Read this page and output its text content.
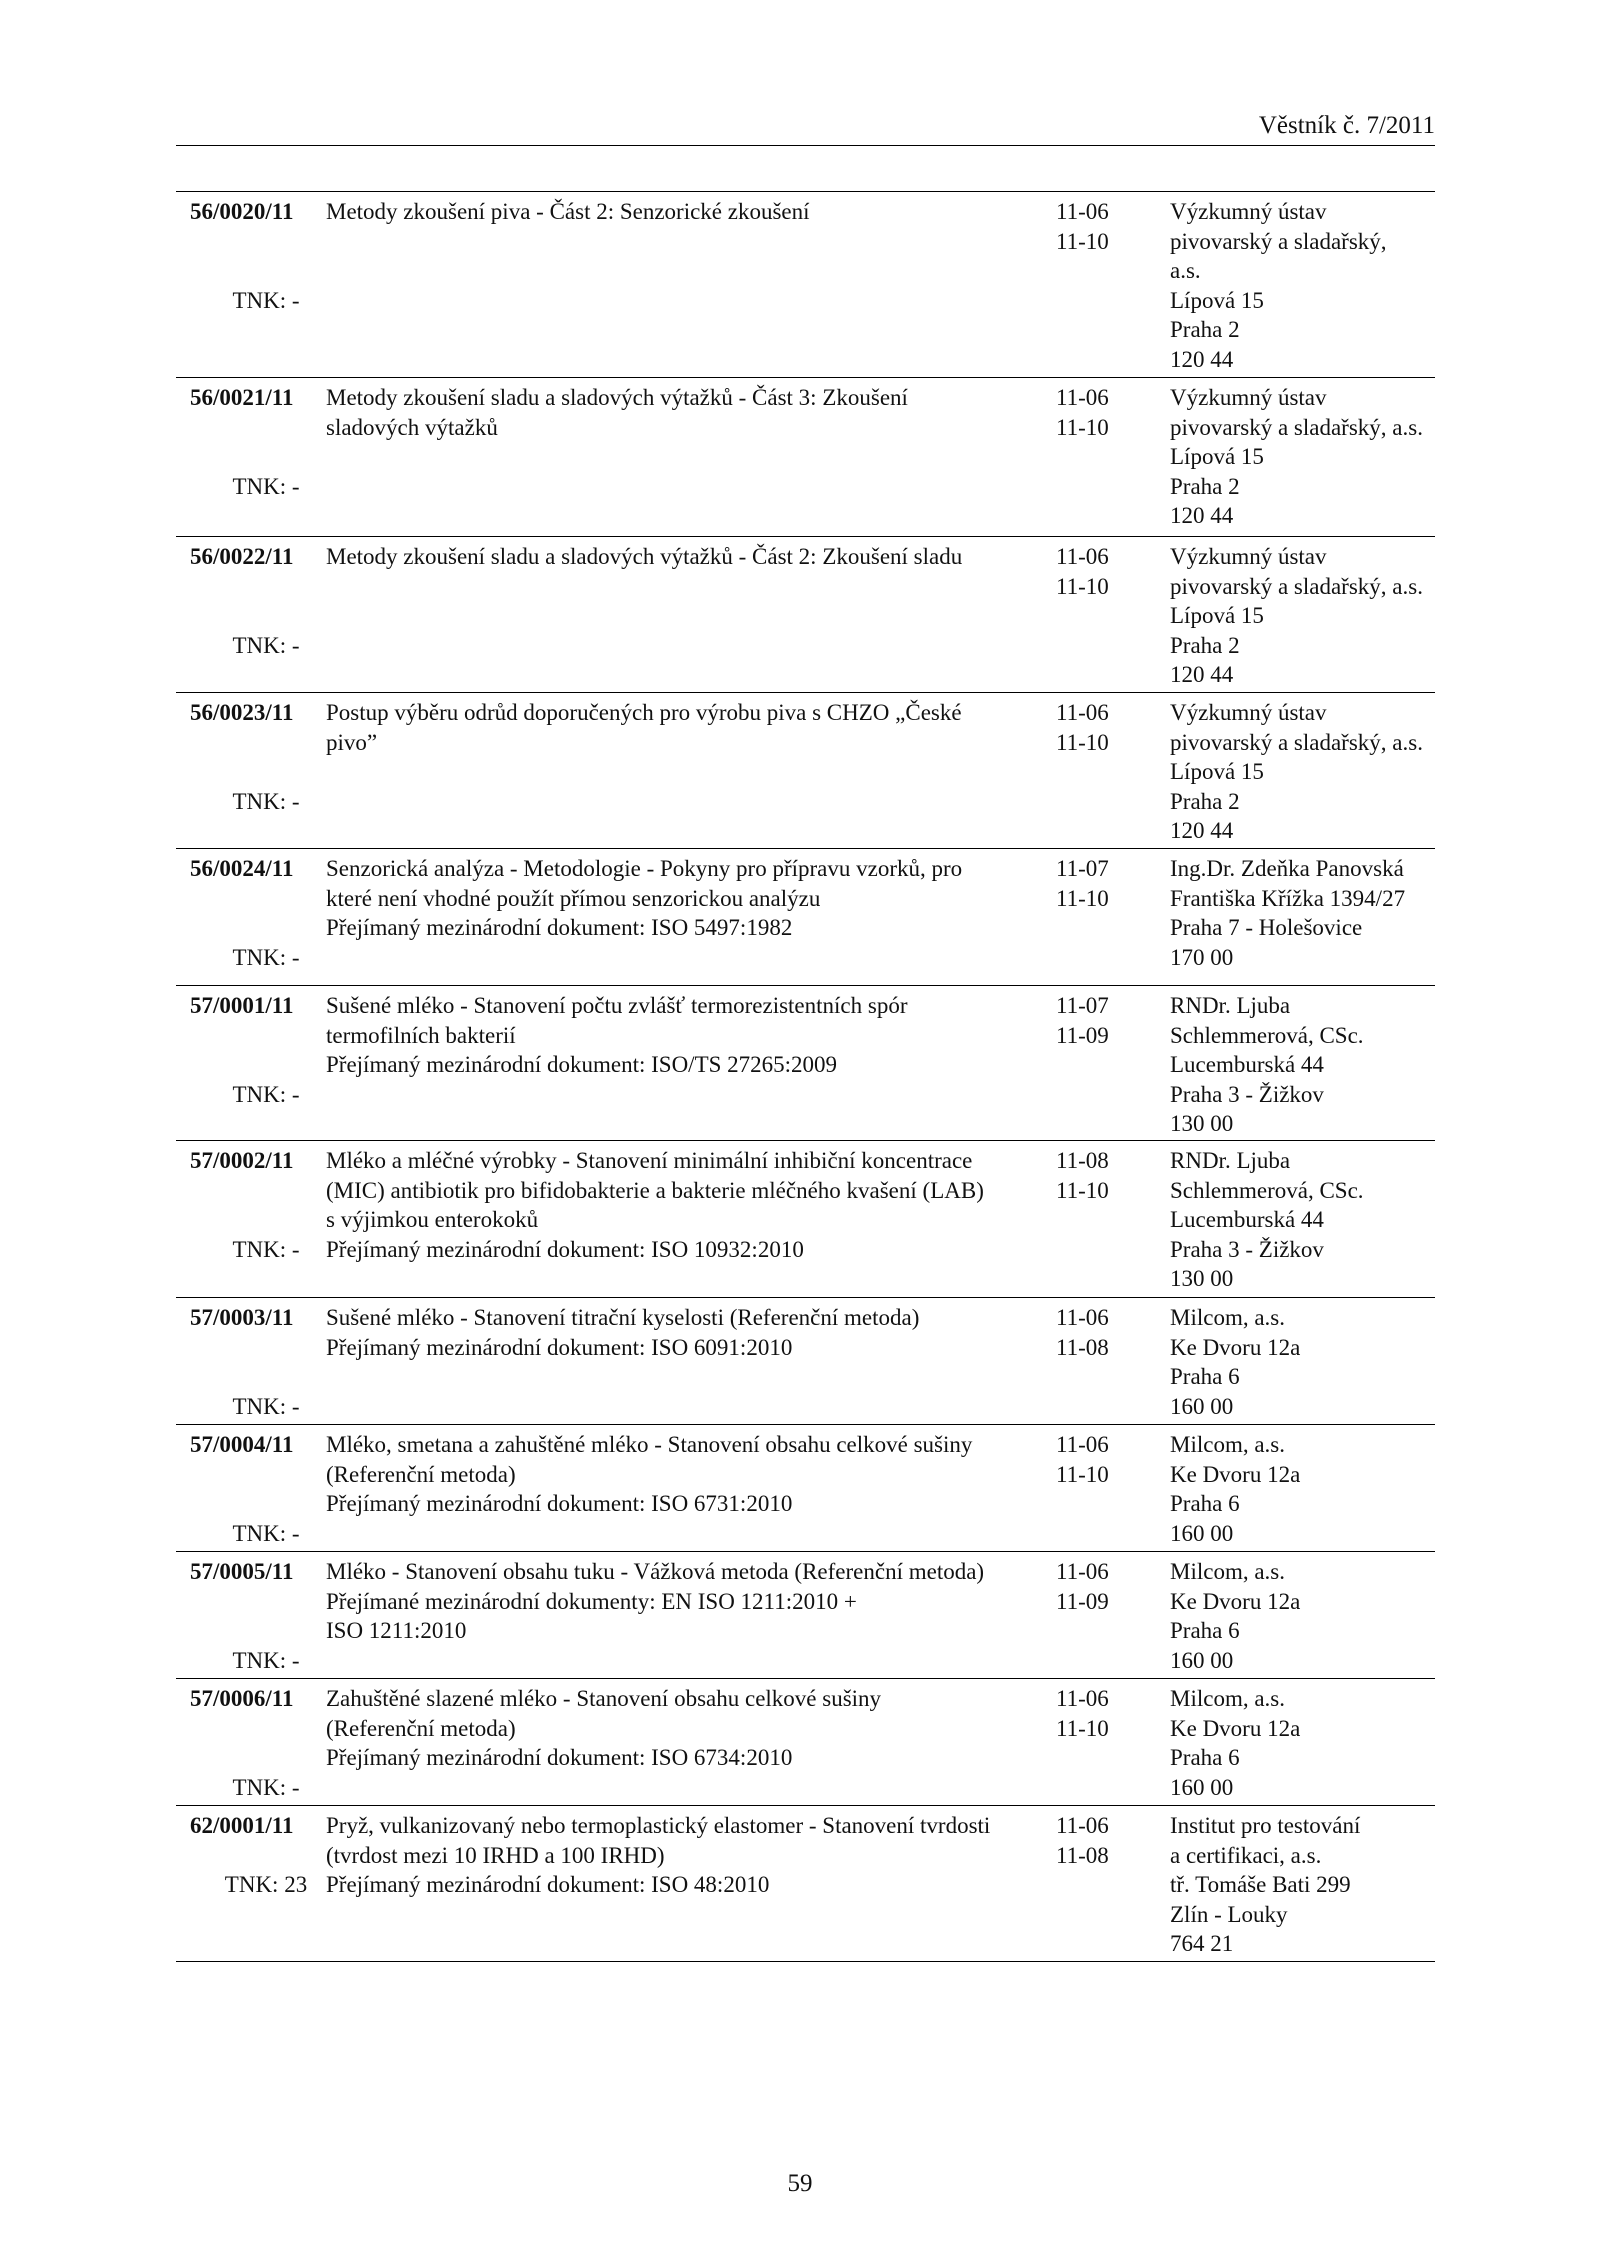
Věstník č. 7/2011
56/0020/11
TNK: -
Metody zkoušení piva - Část 2: Senzorické zkoušení	11-06
11-10
Výzkumný ústav
pivovarský a sladařský,
a.s.
Lípová 15
Praha 2
120 44
56/0021/11
TNK: -
Metody zkoušení sladu a sladových výtažků - Část 3: Zkoušení
sladových výtažků
11-06
11-10
Výzkumný ústav
pivovarský a sladařský, a.s.
Lípová 15
Praha 2
120 44
56/0022/11
TNK: -
Metody zkoušení sladu a sladových výtažků - Část 2: Zkoušení sladu	11-06
11-10
Výzkumný ústav
pivovarský a sladařský, a.s.
Lípová 15
Praha 2
120 44
56/0023/11
TNK: -
Postup výběru odrůd doporučených pro výrobu piva s CHZO „České
pivo”
11-06
11-10
Výzkumný ústav
pivovarský a sladařský, a.s.
Lípová 15
Praha 2
120 44
56/0024/11
TNK: -
Senzorická analýza - Metodologie - Pokyny pro přípravu vzorků, pro
které není vhodné použít přímou senzorickou analýzu
Přejímaný mezinárodní dokument: ISO 5497:1982
11-07
11-10
Ing.Dr. Zdeňka Panovská
Františka Křížka 1394/27
Praha 7 - Holešovice
170 00
57/0001/11
TNK: -
Sušené mléko - Stanovení počtu zvlášť termorezistentních spór
termofilních bakterií
Přejímaný mezinárodní dokument: ISO/TS 27265:2009
11-07
11-09
RNDr. Ljuba
Schlemmerová, CSc.
Lucemburská 44
Praha 3 - Žižkov
130 00
57/0002/11
TNK: -
Mléko a mléčné výrobky - Stanovení minimální inhibiční koncentrace
(MIC) antibiotik pro bifidobakterie a bakterie mléčného kvašení (LAB)
s výjimkou enterokoků
Přejímaný mezinárodní dokument: ISO 10932:2010
11-08
11-10
RNDr. Ljuba
Schlemmerová, CSc.
Lucemburská 44
Praha 3 - Žižkov
130 00
57/0003/11
TNK: -
Sušené mléko - Stanovení titrační kyselosti (Referenční metoda)
Přejímaný mezinárodní dokument: ISO 6091:2010
11-06
11-08
Milcom, a.s.
Ke Dvoru 12a
Praha 6
160 00
57/0004/11
TNK: -
Mléko, smetana a zahuštěné mléko - Stanovení obsahu celkové sušiny
(Referenční metoda)
Přejímaný mezinárodní dokument: ISO 6731:2010
11-06
11-10
Milcom, a.s.
Ke Dvoru 12a
Praha 6
160 00
57/0005/11
TNK: -
Mléko - Stanovení obsahu tuku - Vážková metoda (Referenční metoda)
Přejímané mezinárodní dokumenty: EN ISO 1211:2010 +
ISO 1211:2010
11-06
11-09
Milcom, a.s.
Ke Dvoru 12a
Praha 6
160 00
57/0006/11
TNK: -
Zahuštěné slazené mléko - Stanovení obsahu celkové sušiny
(Referenční metoda)
Přejímaný mezinárodní dokument: ISO 6734:2010
11-06
11-10
Milcom, a.s.
Ke Dvoru 12a
Praha 6
160 00
62/0001/11
TNK: 23
Pryž, vulkanizovaný nebo termoplastický elastomer - Stanovení tvrdosti
(tvrdost mezi 10 IRHD a 100 IRHD)
Přejímaný mezinárodní dokument: ISO 48:2010
11-06
11-08
Institut pro testování
a certifikaci, a.s.
tř. Tomáše Bati 299
Zlín - Louky
764 21
59
